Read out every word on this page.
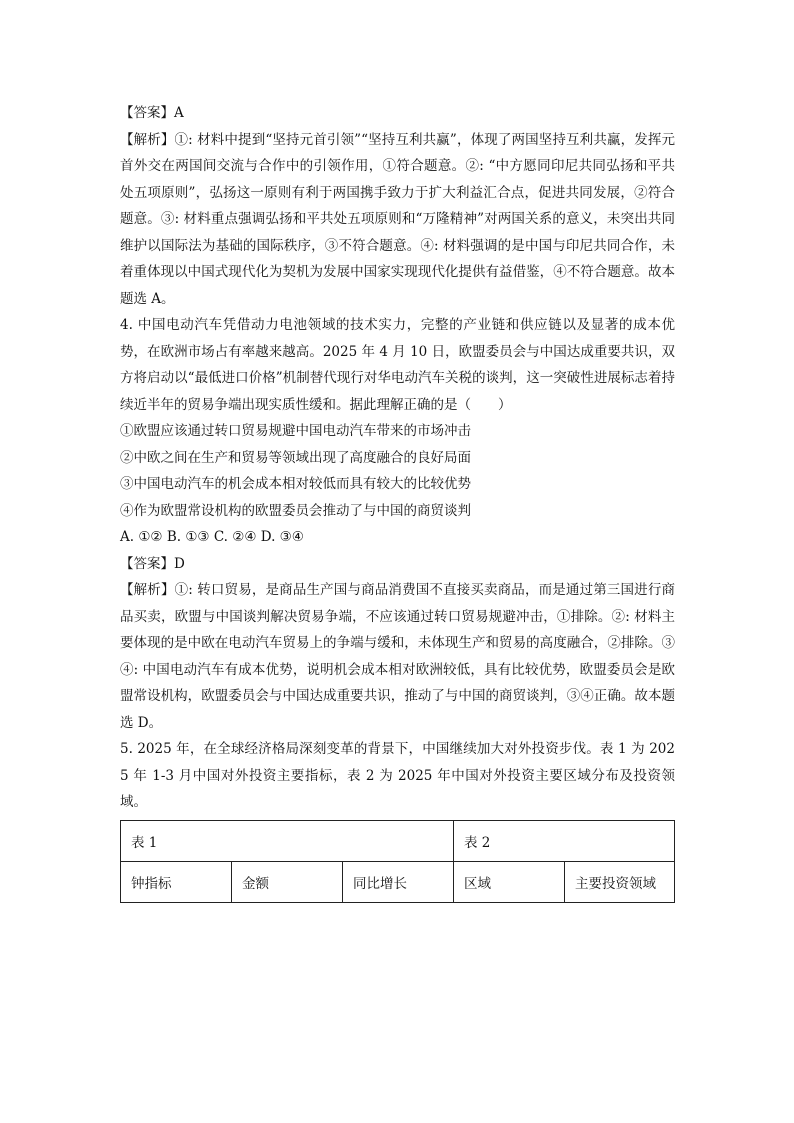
【答案】A

【解析】①: 材料中提到“坚持元首引领”“坚持互利共赢”，体现了两国坚持互利共赢，发挥元首外交在两国间交流与合作中的引领作用，①符合题意。②: “中方愿同印尼共同弘扬和平共处五项原则”，弘扬这一原则有利于两国携手致力于扩大利益汇合点，促进共同发展，②符合题意。③: 材料重点强调弘扬和平共处五项原则和“万隆精神”对两国关系的意义，未突出共同维护以国际法为基础的国际秩序，③不符合题意。④: 材料强调的是中国与印尼共同合作，未着重体现以中国式现代化为契机为发展中国家实现现代化提供有益借鉴，④不符合题意。故本题选 A。

4. 中国电动汽车凭借动力电池领域的技术实力，完整的产业链和供应链以及显著的成本优势，在欧洲市场占有率越来越高。2025 年 4 月 10 日，欧盟委员会与中国达成重要共识，双方将启动以“最低进口价格”机制替代现行对华电动汽车关税的谈判，这一突破性进展标志着持续近半年的贸易争端出现实质性缓和。据此理解正确的是（　　）

①欧盟应该通过转口贸易规避中国电动汽车带来的市场冲击

②中欧之间在生产和贸易等领域出现了高度融合的良好局面

③中国电动汽车的机会成本相对较低而具有较大的比较优势

④作为欧盟常设机构的欧盟委员会推动了与中国的商贸谈判

A. ①② B. ①③ C. ②④ D. ③④

【答案】D

【解析】①: 转口贸易，是商品生产国与商品消费国不直接买卖商品，而是通过第三国进行商品买卖，欧盟与中国谈判解决贸易争端，不应该通过转口贸易规避冲击，①排除。②: 材料主要体现的是中欧在电动汽车贸易上的争端与缓和，未体现生产和贸易的高度融合，②排除。③④: 中国电动汽车有成本优势，说明机会成本相对欧洲较低，具有比较优势，欧盟委员会是欧盟常设机构，欧盟委员会与中国达成重要共识，推动了与中国的商贸谈判，③④正确。故本题选 D。

5. 2025 年，在全球经济格局深刻变革的背景下，中国继续加大对外投资步伐。表 1 为 2025 年 1-3 月中国对外投资主要指标，表 2 为 2025 年中国对外投资主要区域分布及投资领域。

表 1			表 2	
钟指标	金额	同比增长	区域	主要投资领域
